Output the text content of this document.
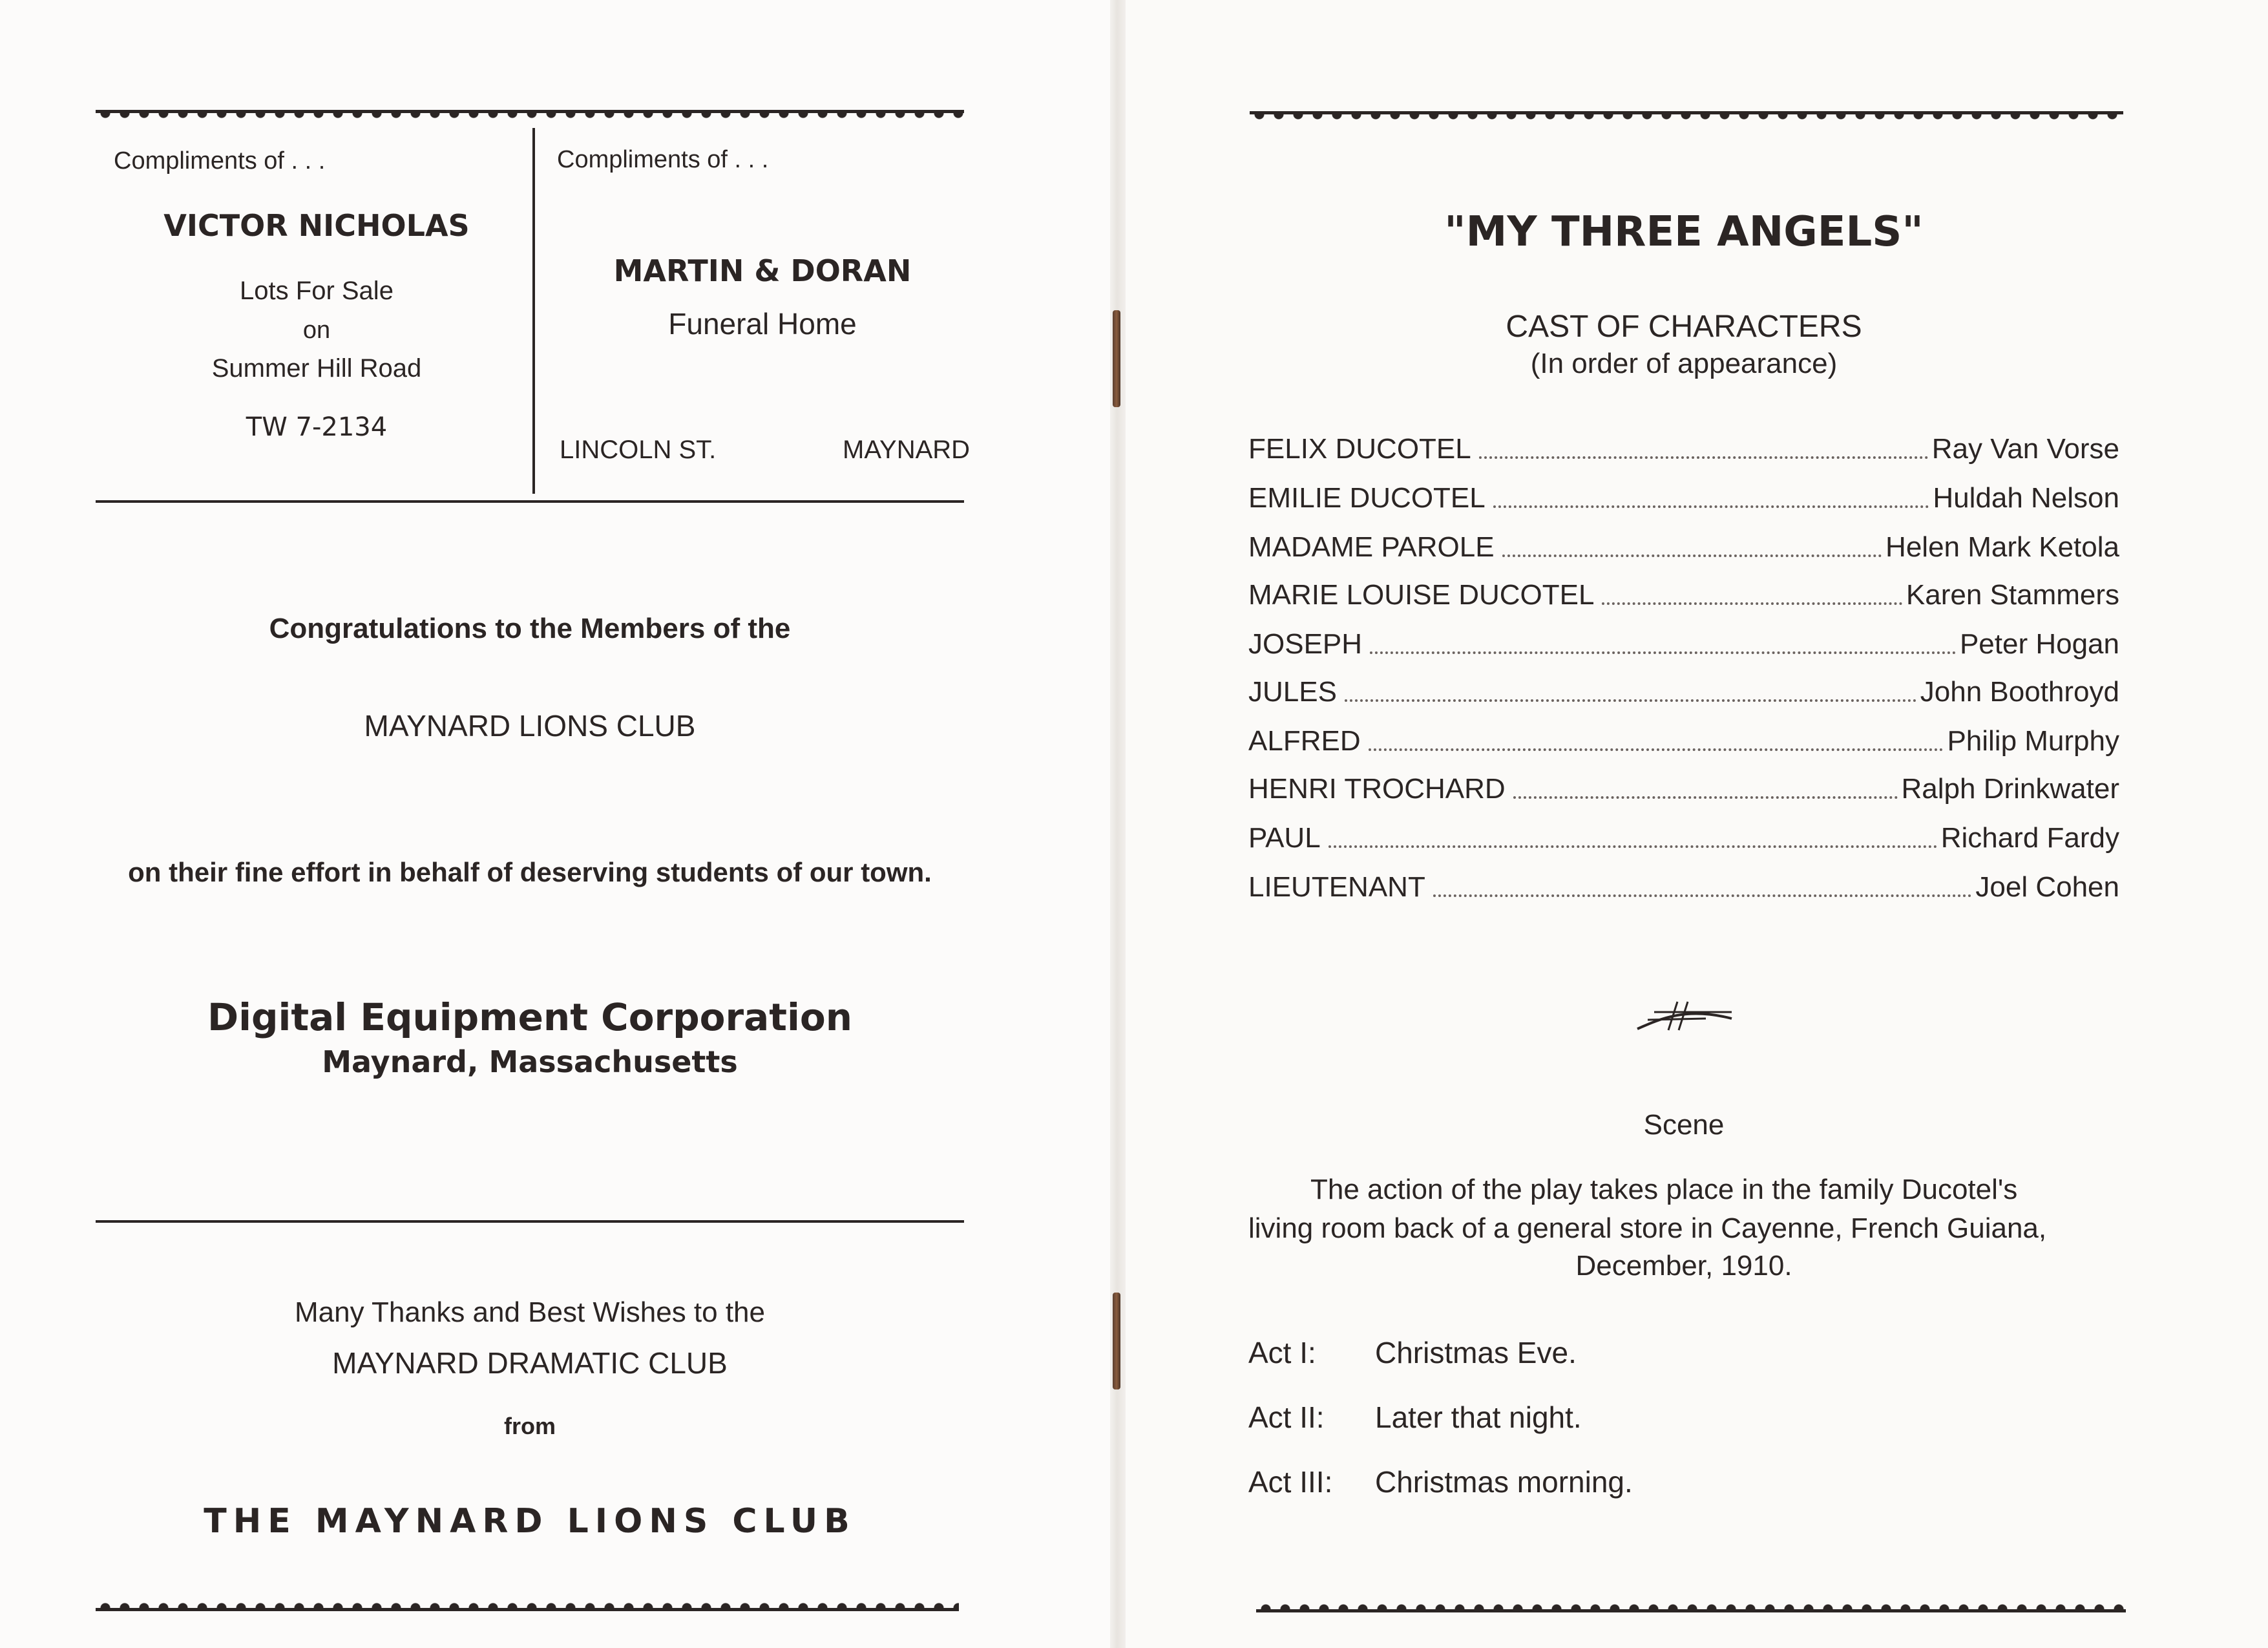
Compliments of . . .
VICTOR NICHOLAS
Lots For Sale
on
Summer Hill Road
TW 7-2134
Compliments of . . .
MARTIN & DORAN
Funeral Home
LINCOLN ST.	MAYNARD
Congratulations to the Members of the
MAYNARD LIONS CLUB
on their fine effort in behalf of deserving students of our town.
Digital Equipment Corporation
Maynard, Massachusetts
Many Thanks and Best Wishes to the
MAYNARD DRAMATIC CLUB
from
THE MAYNARD LIONS CLUB
"MY THREE ANGELS"
CAST OF CHARACTERS
(In order of appearance)
FELIX DUCOTEL	Ray Van Vorse
EMILIE DUCOTEL	Huldah Nelson
MADAME PAROLE	Helen Mark Ketola
MARIE LOUISE DUCOTEL	Karen Stammers
JOSEPH	Peter Hogan
JULES	John Boothroyd
ALFRED	Philip Murphy
HENRI TROCHARD	Ralph Drinkwater
PAUL	Richard Fardy
LIEUTENANT	Joel Cohen
Scene
The action of the play takes place in the family Ducotel's
living room back of a general store in Cayenne, French Guiana,
December, 1910.
Act I: Christmas Eve.
Act II: Later that night.
Act III: Christmas morning.
